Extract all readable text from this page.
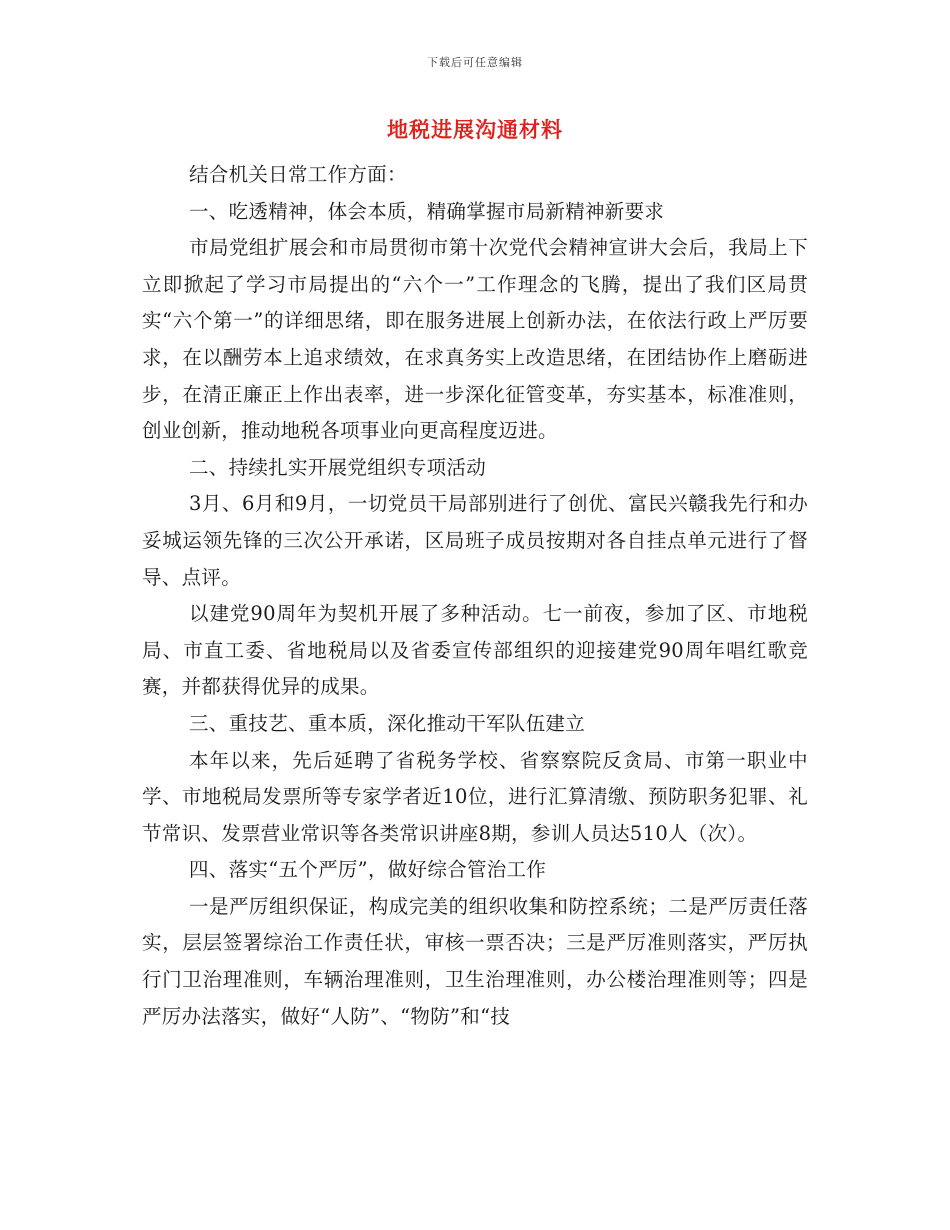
下载后可任意编辑
地税进展沟通材料

结合机关日常工作方面：

一、吃透精神，体会本质，精确掌握市局新精神新要求

市局党组扩展会和市局贯彻市第十次党代会精神宣讲大会后，我局上下立即掀起了学习市局提出的“六个一”工作理念的飞腾，提出了我们区局贯实“六个第一”的详细思绪，即在服务进展上创新办法，在依法行政上严厉要求，在以酬劳本上追求绩效，在求真务实上改造思绪，在团结协作上磨砺进步，在清正廉正上作出表率，进一步深化征管变革，夯实基本，标准准则，创业创新，推动地税各项事业向更高程度迈进。

二、持续扎实开展党组织专项活动

3月、6月和9月，一切党员干局部别进行了创优、富民兴赣我先行和办妥城运领先锋的三次公开承诺，区局班子成员按期对各自挂点单元进行了督导、点评。

以建党90周年为契机开展了多种活动。七一前夜，参加了区、市地税局、市直工委、省地税局以及省委宣传部组织的迎接建党90周年唱红歌竞赛，并都获得优异的成果。

三、重技艺、重本质，深化推动干军队伍建立

本年以来，先后延聘了省税务学校、省察察院反贪局、市第一职业中学、市地税局发票所等专家学者近10位，进行汇算清缴、预防职务犯罪、礼节常识、发票营业常识等各类常识讲座8期，参训人员达510人（次）。

四、落实“五个严厉”，做好综合管治工作

一是严厉组织保证，构成完美的组织收集和防控系统；二是严厉责任落实，层层签署综治工作责任状，审核一票否决；三是严厉准则落实，严厉执行门卫治理准则，车辆治理准则，卫生治理准则，办公楼治理准则等；四是严厉办法落实，做好“人防”、“物防”和“技
